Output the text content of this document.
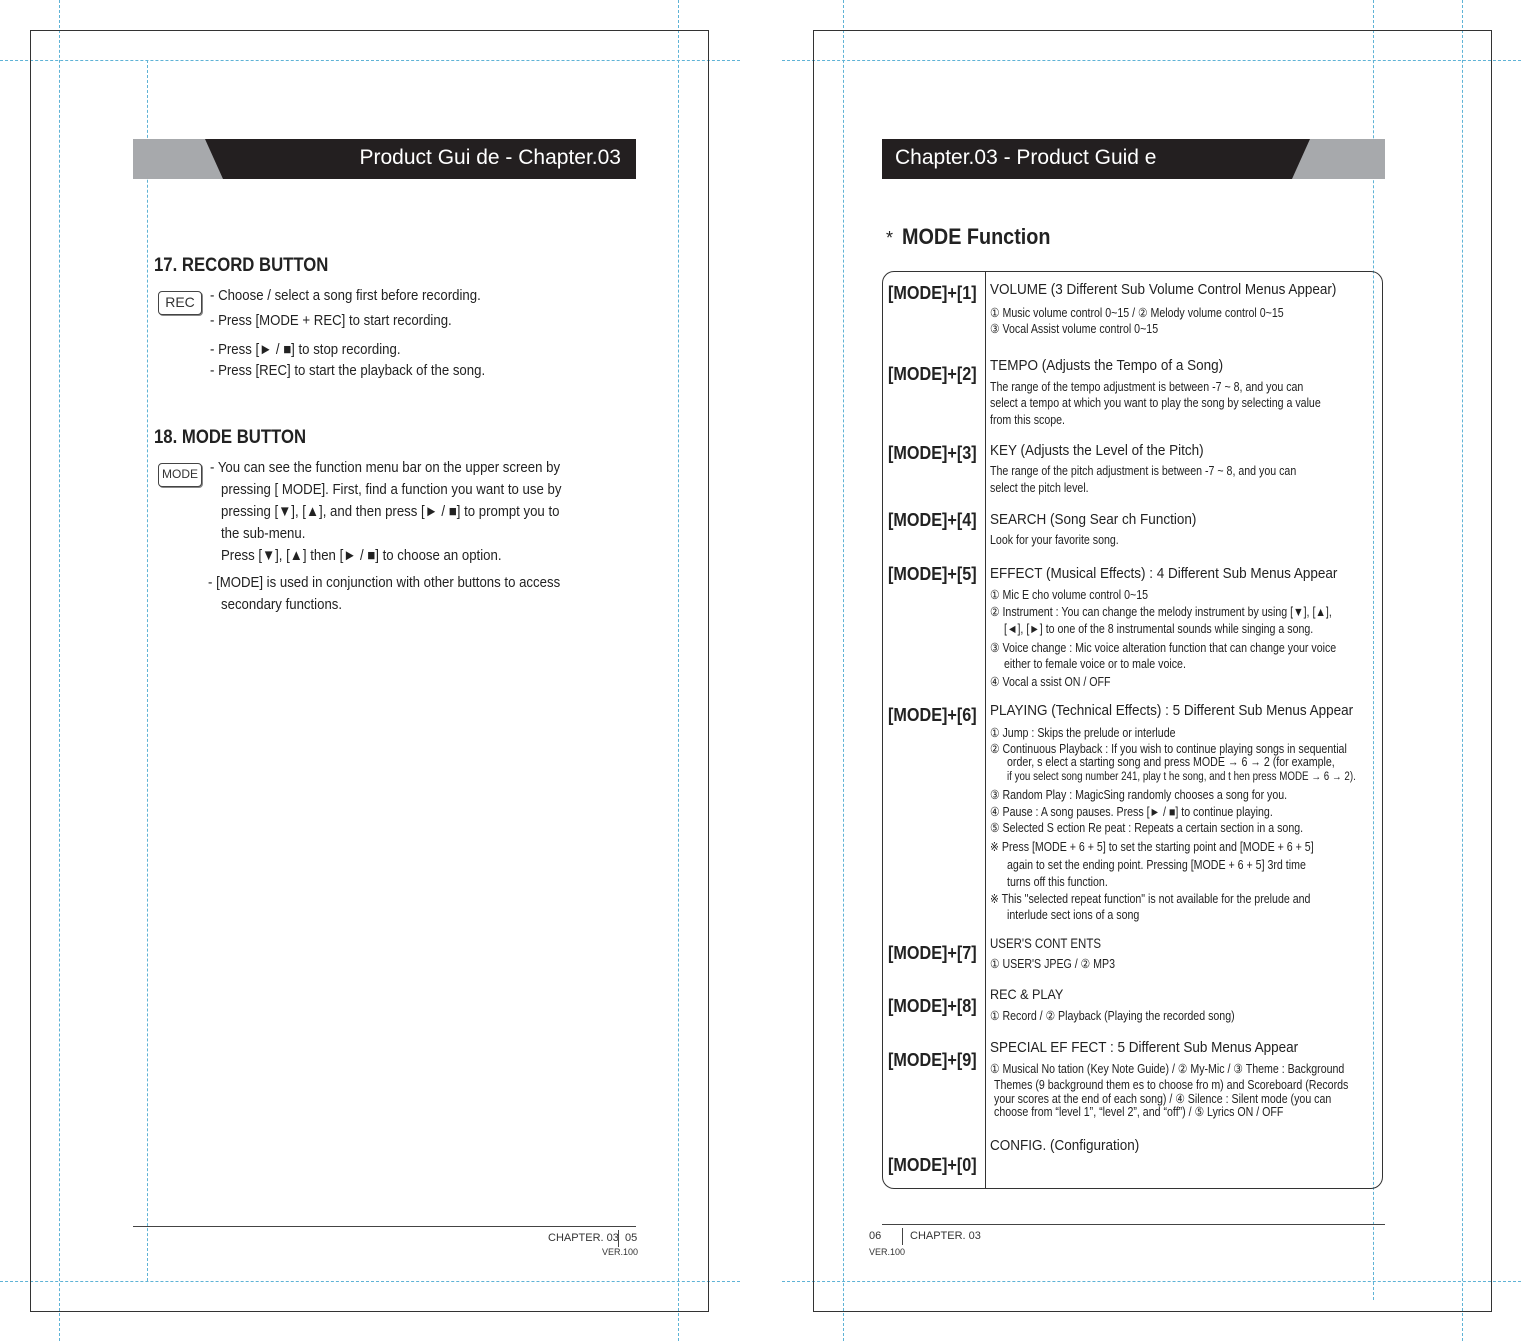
Product Gui de - Chapter.03
17. RECORD BUTTON
REC	- Choose / select a song first before recording.
- Press [MODE + REC] to start recording.
- Press [► / ■] to stop recording.
- Press [REC] to start the playback of the song.
18. MODE BUTTON
MODE - You can see the function menu bar on the upper screen by
pressing [ MODE]. First, find a function you want to use by
pressing [▼], [▲], and then press [► / ■] to prompt you to
the sub-menu.
Press [▼], [▲] then [► / ■] to choose an option.
- [MODE] is used in conjunction with other buttons to access
secondary functions.
CHAPTER. 03 05
VER.100
Chapter.03 - Product Guid e
* MODE Function
[MODE]+[1] VOLUME (3 Different Sub Volume Control Menus Appear)
① Music volume control 0~15 / ② Melody volume control 0~15
③ Vocal Assist volume control 0~15
[MODE]+[2] TEMPO (Adjusts the Tempo of a Song)
The range of the tempo adjustment is between -7 ~ 8, and you can
select a tempo at which you want to play the song by selecting a value
from this scope.
[MODE]+[3] KEY (Adjusts the Level of the Pitch)
The range of the pitch adjustment is between -7 ~ 8, and you can
select the pitch level.
[MODE]+[4] SEARCH (Song Sear ch Function)
Look for your favorite song.
[MODE]+[5] EFFECT (Musical Effects) : 4 Different Sub Menus Appear
① Mic E cho volume control 0~15
② Instrument : You can change the melody instrument by using [▼], [▲],
[◄], [►] to one of the 8 instrumental sounds while singing a song.
③ Voice change : Mic voice alteration function that can change your voice
either to female voice or to male voice.
④ Vocal a ssist ON / OFF
[MODE]+[6] PLAYING (Technical Effects) : 5 Different Sub Menus Appear
① Jump : Skips the prelude or interlude
② Continuous Playback : If you wish to continue playing songs in sequential
order, s elect a starting song and press MODE → 6 → 2 (for example,
if you select song number 241, play t he song, and t hen press MODE → 6 → 2).
③ Random Play : MagicSing randomly chooses a song for you.
④ Pause : A song pauses. Press [► / ■] to continue playing.
⑤ Selected S ection Re peat : Repeats a certain section in a song.
※ Press [MODE + 6 + 5] to set the starting point and [MODE + 6 + 5]
again to set the ending point. Pressing [MODE + 6 + 5] 3rd time
turns off this function.
※ This "selected repeat function" is not available for the prelude and
interlude sect ions of a song
[MODE]+[7] USER'S CONT ENTS
① USER'S JPEG / ② MP3
[MODE]+[8]
REC & PLAY
① Record / ② Playback (Playing the recorded song)
[MODE]+[9]
SPECIAL EF FECT : 5 Different Sub Menus Appear
① Musical No tation (Key Note Guide) / ② My-Mic / ③ Theme : Background
Themes (9 background them es to choose fro m) and Scoreboard (Records
your scores at the end of each song) / ④ Silence : Silent mode (you can
choose from “level 1”, “level 2”, and “off”) / ⑤ Lyrics ON / OFF
[MODE]+[0]
CONFIG. (Configuration)
06	CHAPTER. 03
VER.100
